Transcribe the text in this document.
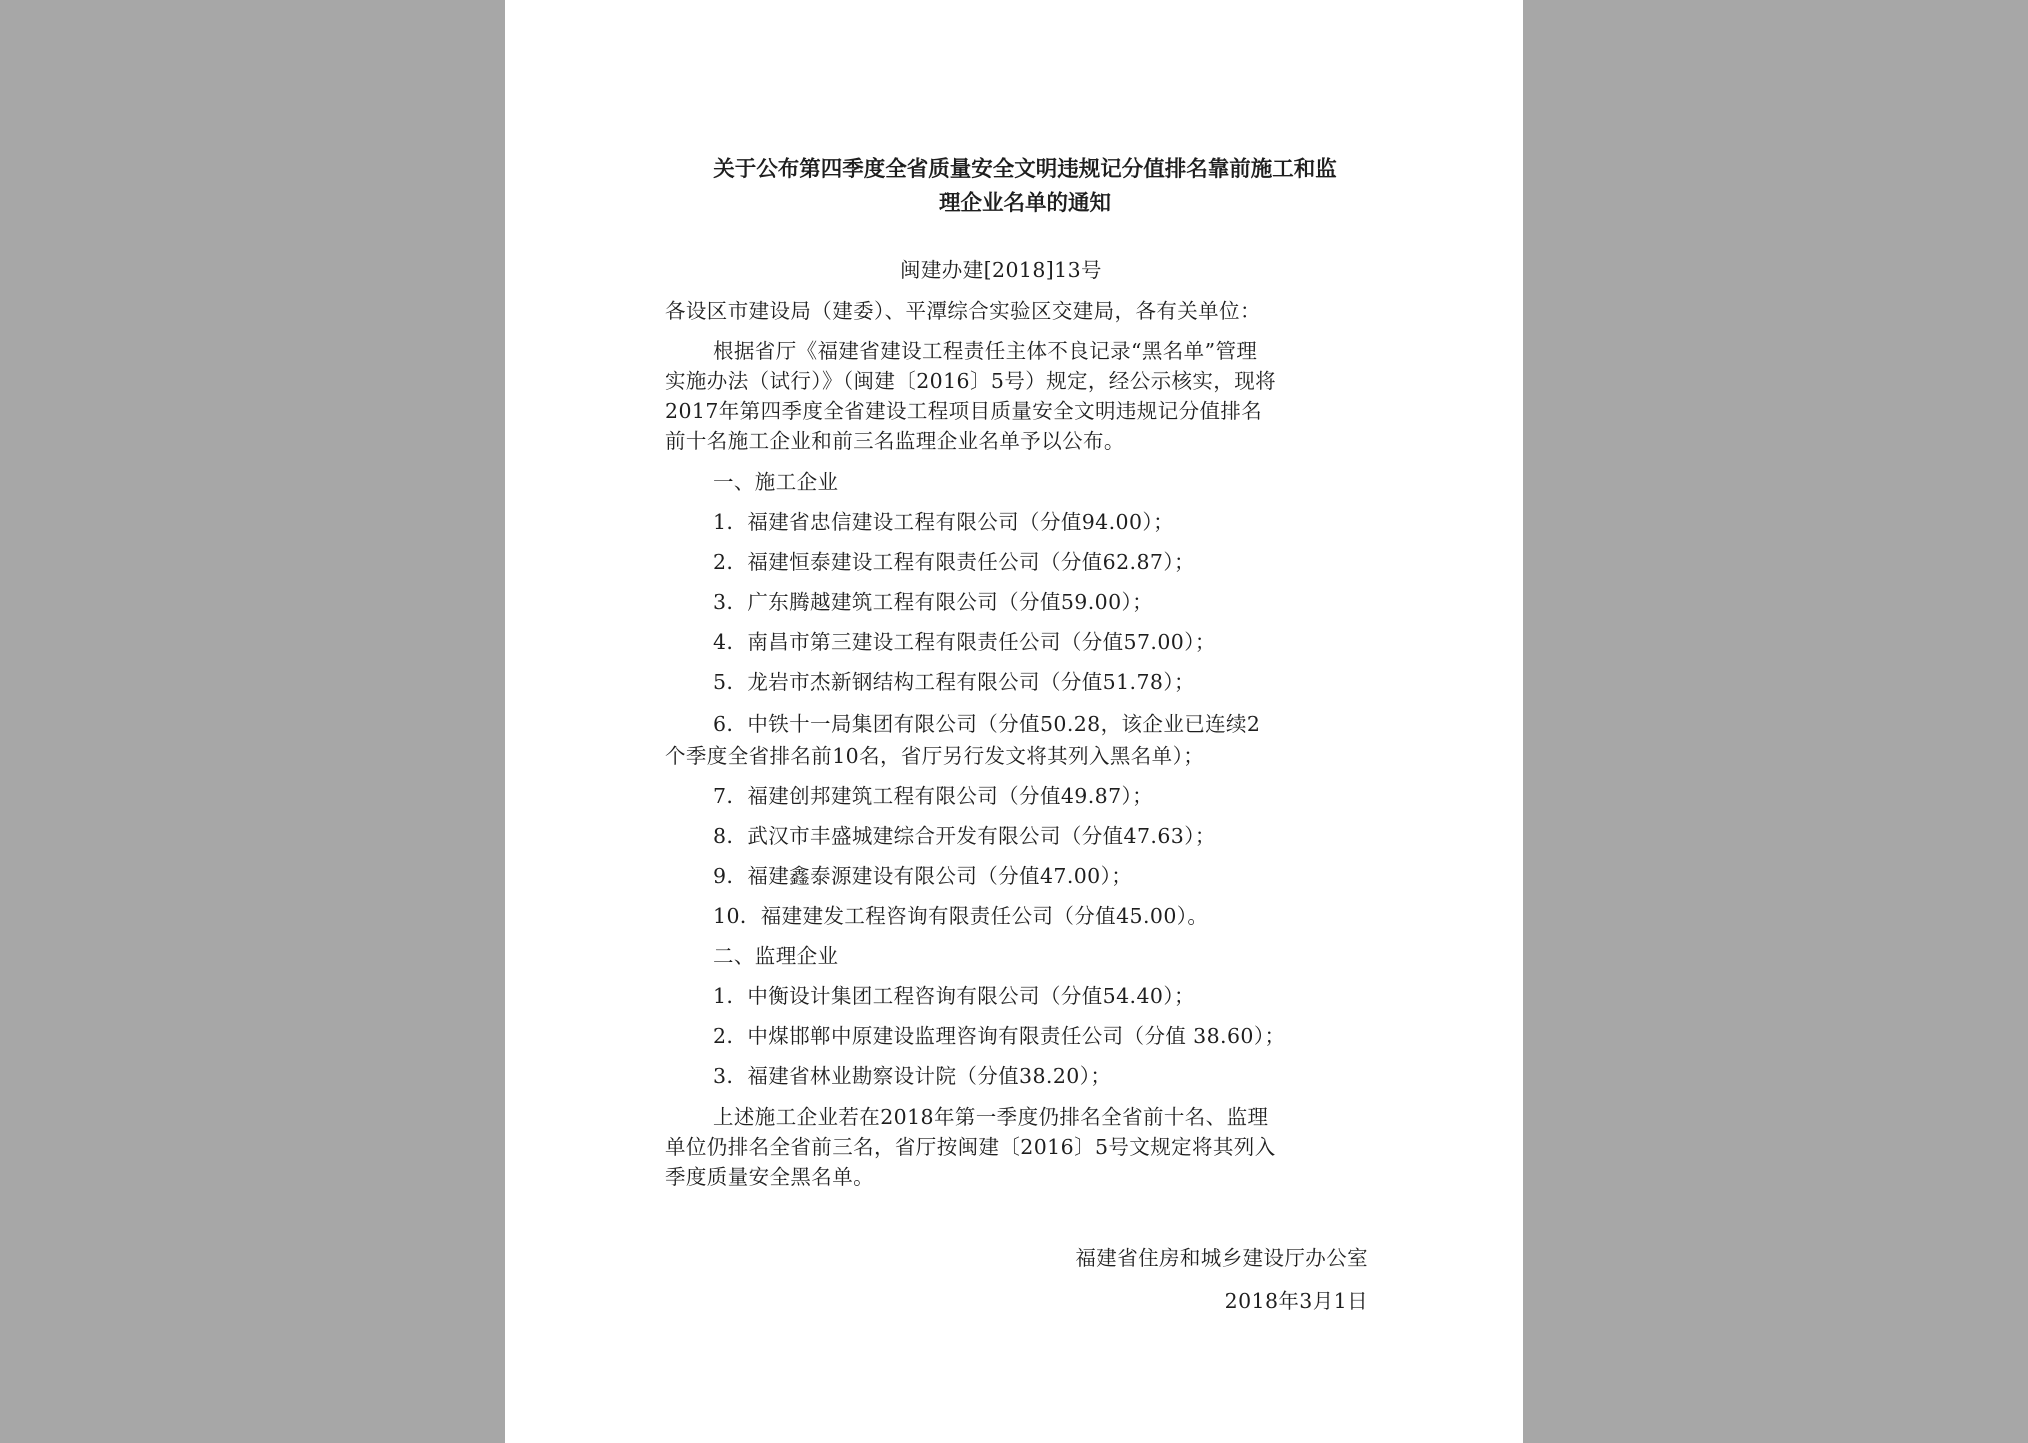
关于公布第四季度全省质量安全文明违规记分值排名靠前施工和监
理企业名单的通知
闽建办建[2018]13号
各设区市建设局（建委）、平潭综合实验区交建局，各有关单位：
根据省厅《福建省建设工程责任主体不良记录“黑名单”管理
实施办法（试行）》（闽建〔2016〕5号）规定，经公示核实，现将
2017年第四季度全省建设工程项目质量安全文明违规记分值排名
前十名施工企业和前三名监理企业名单予以公布。
一、施工企业
1．福建省忠信建设工程有限公司（分值94.00）；
2．福建恒泰建设工程有限责任公司（分值62.87）；
3．广东腾越建筑工程有限公司（分值59.00）；
4．南昌市第三建设工程有限责任公司（分值57.00）；
5．龙岩市杰新钢结构工程有限公司（分值51.78）；
6．中铁十一局集团有限公司（分值50.28，该企业已连续2
个季度全省排名前10名，省厅另行发文将其列入黑名单）；
7．福建创邦建筑工程有限公司（分值49.87）；
8．武汉市丰盛城建综合开发有限公司（分值47.63）；
9．福建鑫泰源建设有限公司（分值47.00）；
10．福建建发工程咨询有限责任公司（分值45.00）。
二、监理企业
1．中衡设计集团工程咨询有限公司（分值54.40）；
2．中煤邯郸中原建设监理咨询有限责任公司（分值 38.60）；
3．福建省林业勘察设计院（分值38.20）；
上述施工企业若在2018年第一季度仍排名全省前十名、监理
单位仍排名全省前三名，省厅按闽建〔2016〕5号文规定将其列入
季度质量安全黑名单。
福建省住房和城乡建设厅办公室
2018年3月1日
